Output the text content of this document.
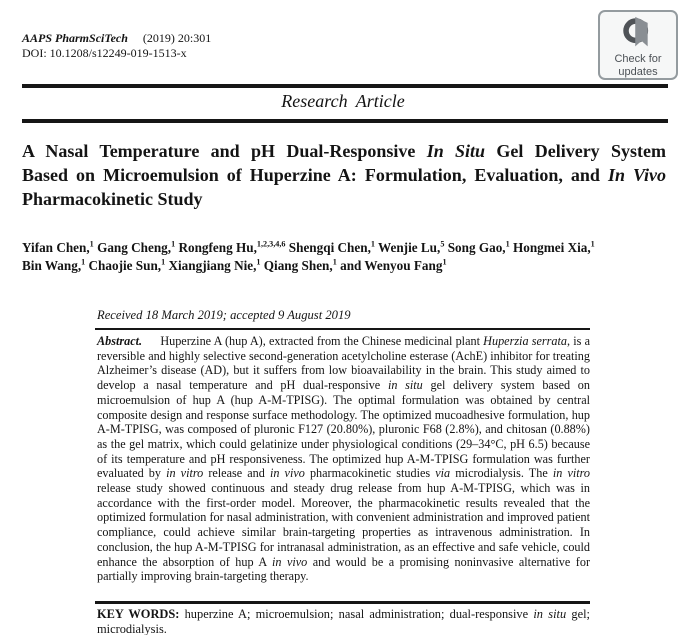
AAPS PharmSciTech (2019) 20:301
DOI: 10.1208/s12249-019-1513-x	Check for updates
Research Article
A Nasal Temperature and pH Dual-Responsive In Situ Gel Delivery System
Based on Microemulsion of Huperzine A: Formulation, Evaluation, and In Vivo
Pharmacokinetic Study
Yifan Chen,$^1$ Gang Cheng,$^1$ Rongfeng Hu,$^{1,2,3,4,6}$ Shengqi Chen,$^1$ Wenjie Lu,$^5$ Song Gao,$^1$ Hongmei Xia,$^1$
Bin Wang,$^1$ Chaojie Sun,$^1$ Xiangjiang Nie,$^1$ Qiang Shen,$^1$ and Wenyou Fang$^1$
Received 18 March 2019; accepted 9 August 2019

Abstract.  Huperzine A (hup A), extracted from the Chinese medicinal plant Huperzia serrata, is a reversible and highly selective second-generation acetylcholine esterase (AchE) inhibitor for treating Alzheimer’s disease (AD), but it suffers from low bioavailability in the brain. This study aimed to develop a nasal temperature and pH dual-responsive in situ gel delivery system based on microemulsion of hup A (hup A-M-TPISG). The optimal formulation was obtained by central composite design and response surface methodology. The optimized mucoadhesive formulation, hup A-M-TPISG, was composed of pluronic F127 (20.80%), pluronic F68 (2.8%), and chitosan (0.88%) as the gel matrix, which could gelatinize under physiological conditions (29–34°C, pH 6.5) because of its temperature and pH responsiveness. The optimized hup A-M-TPISG formulation was further evaluated by in vitro release and in vivo pharmacokinetic studies via microdialysis. The in vitro release study showed continuous and steady drug release from hup A-M-TPISG, which was in accordance with the first-order model. Moreover, the pharmacokinetic results revealed that the optimized formulation for nasal administration, with convenient administration and improved patient compliance, could achieve similar brain-targeting properties as intravenous administration. In conclusion, the hup A-M-TPISG for intranasal administration, as an effective and safe vehicle, could enhance the absorption of hup A in vivo and would be a promising noninvasive alternative for partially improving brain-targeting therapy.

KEY WORDS: huperzine A; microemulsion; nasal administration; dual-responsive in situ gel; microdialysis.
